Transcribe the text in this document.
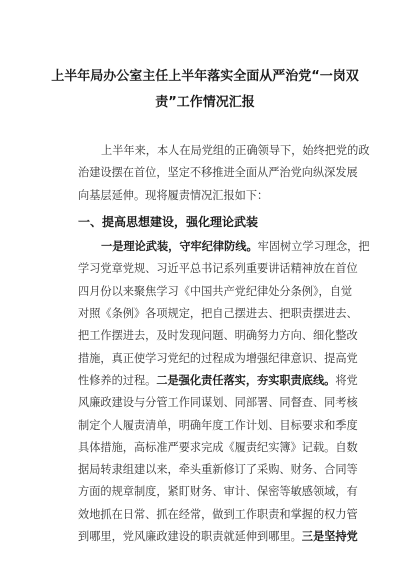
上半年局办公室主任上半年落实全面从严治党“一岗双
责”工作情况汇报
上半年来，本人在局党组的正确领导下，始终把党的政
治建设摆在首位，坚定不移推进全面从严治党向纵深发展
向基层延伸。现将履责情况汇报如下：
一、提高思想建设，强化理论武装
一是理论武装，守牢纪律防线。牢固树立学习理念，把
学习党章党规、习近平总书记系列重要讲话精神放在首位
四月份以来聚焦学习《中国共产党纪律处分条例》，自觉
对照《条例》各项规定，把自己摆进去、把职责摆进去、
把工作摆进去，及时发现问题、明确努力方向、细化整改
措施，真正使学习党纪的过程成为增强纪律意识、提高党
性修养的过程。二是强化责任落实，夯实职责底线。将党
风廉政建设与分管工作同谋划、同部署、同督查、同考核
制定个人履责清单，明确年度工作计划、目标要求和季度
具体措施，高标准严要求完成《履责纪实簿》记载。自数
据局转隶组建以来，牵头重新修订了采购、财务、合同等
方面的规章制度，紧盯财务、审计、保密等敏感领域，有
效地抓在日常、抓在经常，做到工作职责和掌握的权力管
到哪里，党风廉政建设的职责就延伸到哪里。三是坚持党
